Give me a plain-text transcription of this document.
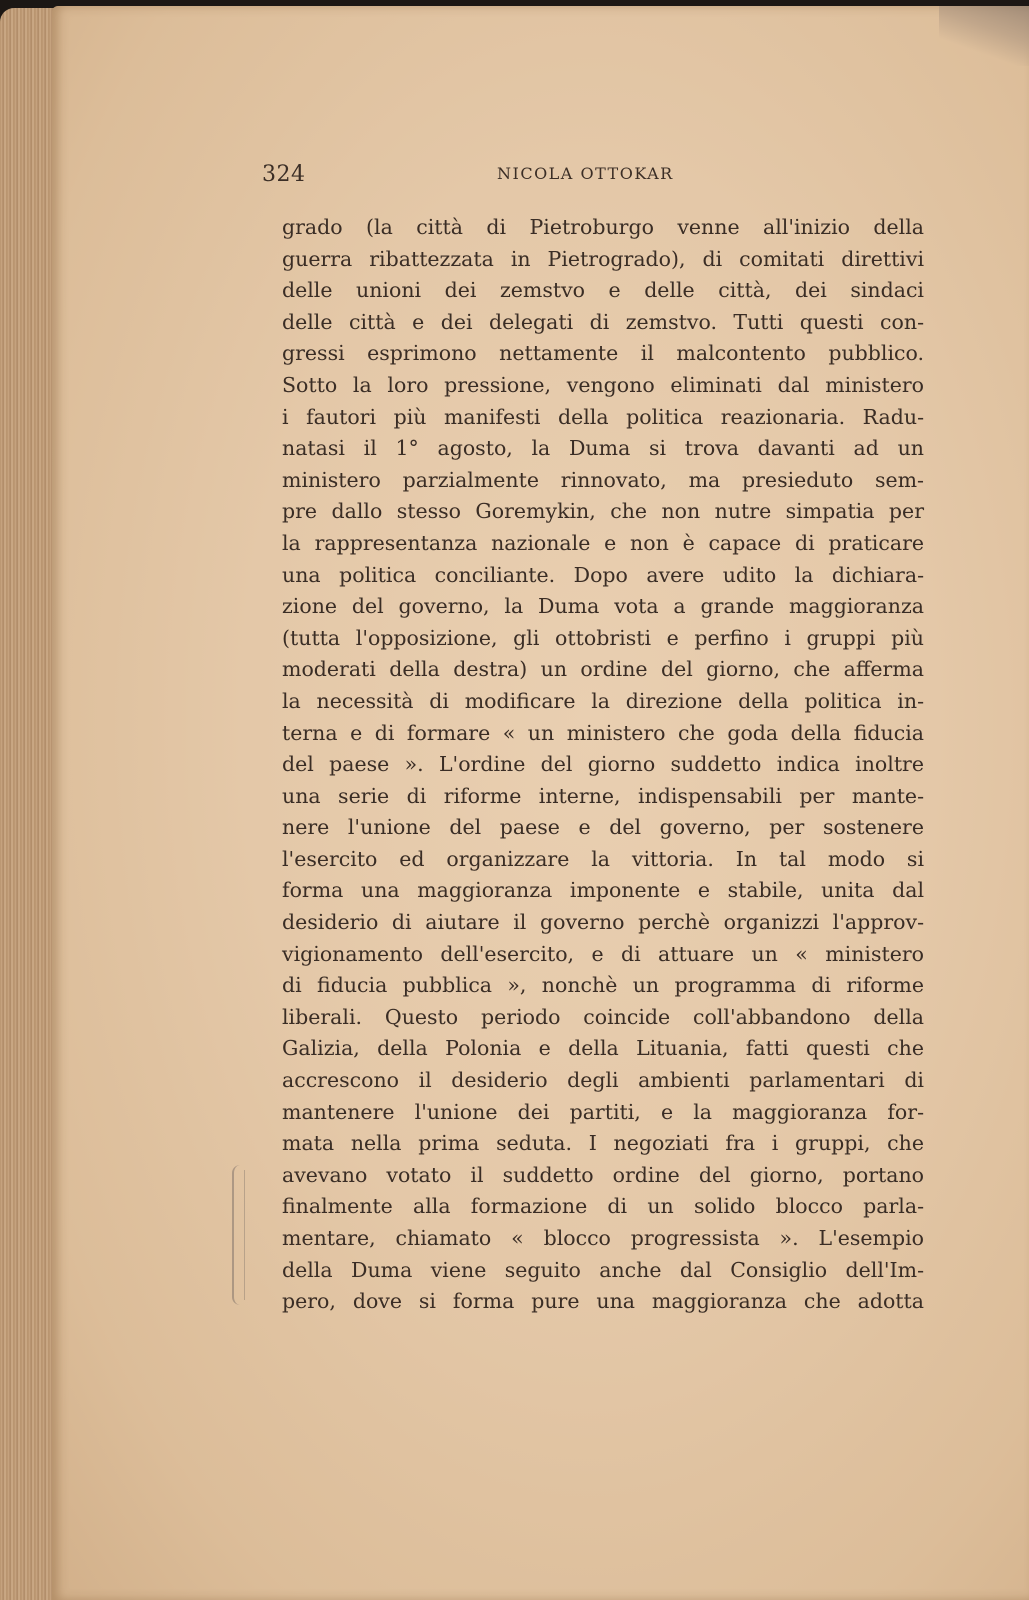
324	NICOLA OTTOKAR
grado (la città di Pietroburgo venne all'inizio della
guerra ribattezzata in Pietrogrado), di comitati direttivi
delle unioni dei zemstvo e delle città, dei sindaci
delle città e dei delegati di zemstvo. Tutti questi con-
gressi esprimono nettamente il malcontento pubblico.
Sotto la loro pressione, vengono eliminati dal ministero
i fautori più manifesti della politica reazionaria. Radu-
natasi il 1° agosto, la Duma si trova davanti ad un
ministero parzialmente rinnovato, ma presieduto sem-
pre dallo stesso Goremykin, che non nutre simpatia per
la rappresentanza nazionale e non è capace di praticare
una politica conciliante. Dopo avere udito la dichiara-
zione del governo, la Duma vota a grande maggioranza
(tutta l'opposizione, gli ottobristi e perfino i gruppi più
moderati della destra) un ordine del giorno, che afferma
la necessità di modificare la direzione della politica in-
terna e di formare « un ministero che goda della fiducia
del paese ». L'ordine del giorno suddetto indica inoltre
una serie di riforme interne, indispensabili per mante-
nere l'unione del paese e del governo, per sostenere
l'esercito ed organizzare la vittoria. In tal modo si
forma una maggioranza imponente e stabile, unita dal
desiderio di aiutare il governo perchè organizzi l'approv-
vigionamento dell'esercito, e di attuare un « ministero
di fiducia pubblica », nonchè un programma di riforme
liberali. Questo periodo coincide coll'abbandono della
Galizia, della Polonia e della Lituania, fatti questi che
accrescono il desiderio degli ambienti parlamentari di
mantenere l'unione dei partiti, e la maggioranza for-
mata nella prima seduta. I negoziati fra i gruppi, che
avevano votato il suddetto ordine del giorno, portano
finalmente alla formazione di un solido blocco parla-
mentare, chiamato « blocco progressista ». L'esempio
della Duma viene seguito anche dal Consiglio dell'Im-
pero, dove si forma pure una maggioranza che adotta
